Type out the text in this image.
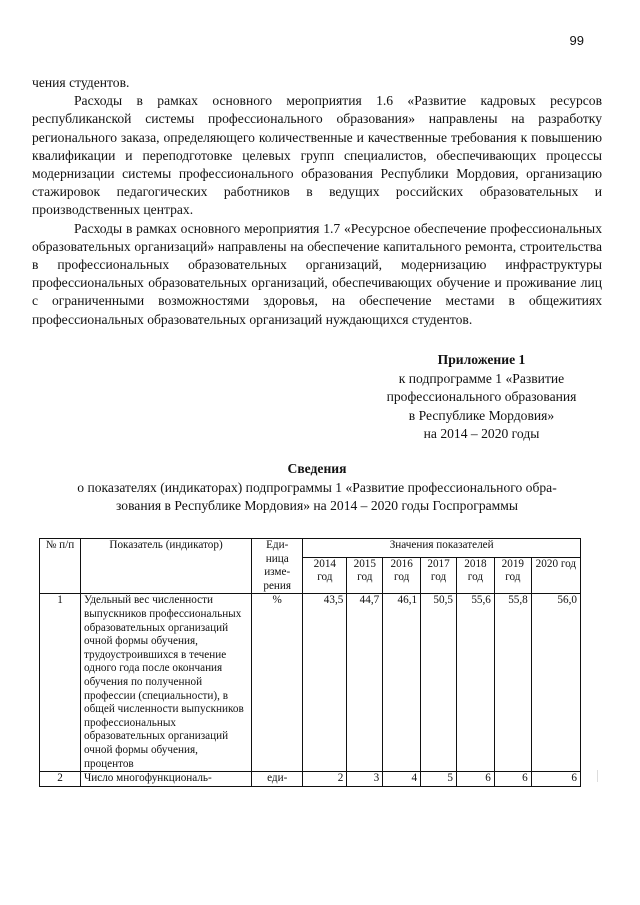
99

чения студентов.

Расходы в рамках основного мероприятия 1.6 «Развитие кадровых ресурсов республиканской системы профессионального образования» направлены на разработку регионального заказа, определяющего количественные и качественные требования к повышению квалификации и переподготовке целевых групп специалистов, обеспечивающих процессы модернизации системы профессионального образования Республики Мордовия, организацию стажировок педагогических работников в ведущих российских образовательных и производственных центрах.

Расходы в рамках основного мероприятия 1.7 «Ресурсное обеспечение профессиональных образовательных организаций» направлены на обеспечение капитального ремонта, строительства в профессиональных образовательных организаций, модернизацию инфраструктуры профессиональных образовательных организаций, обеспечивающих обучение и проживание лиц с ограниченными возможностями здоровья, на обеспечение местами в общежитиях профессиональных образовательных организаций нуждающихся студентов.

Приложение 1
к подпрограмме 1 «Развитие
профессионального образования
в Республике Мордовия»
на 2014 – 2020 годы
Сведения
о показателях (индикаторах) подпрограммы 1 «Развитие профессионального обра-
зования в Республике Мордовия» на 2014 – 2020 годы Госпрограммы
№ п/п	Показатель (индикатор)	Еди- ница изме- рения	Значения показателей						
			2014 год	2015 год	2016 год	2017 год	2018 год	2019 год	2020 год
1	Удельный вес численности выпускников профессиональных образовательных организаций очной формы обучения, трудоустроившихся в течение одного года после окончания обучения по полученной профессии (специальности), в общей численности выпускников профессиональных образовательных организаций очной формы обучения, процентов	%	43,5	44,7	46,1	50,5	55,6	55,8	56,0
2	Число многофункциональ-	еди-	2	3	4	5	6	6	6
